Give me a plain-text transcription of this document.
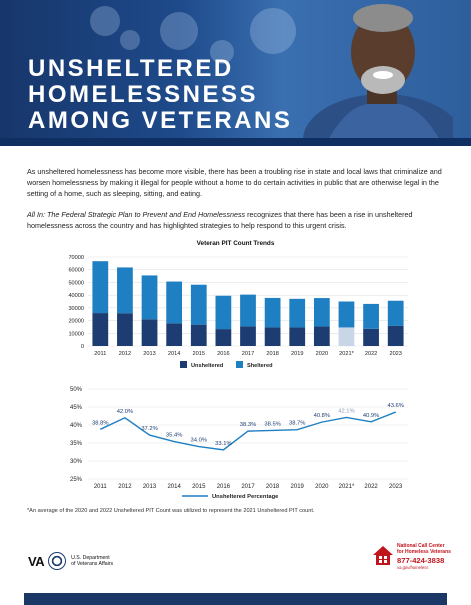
UNSHELTERED
HOMELESSNESS
AMONG VETERANS

As unsheltered homelessness has become more visible, there has been a troubling rise in state and local laws that criminalize and worsen homelessness by making it illegal for people without a home to do certain activities in public that are otherwise legal in the setting of a home, such as sleeping, sitting, and eating.

All In: The Federal Strategic Plan to Prevent and End Homelessness recognizes that there has been a rise in unsheltered homelessness across the country and has highlighted strategies to help respond to this urgent crisis.

Veteran PIT Count Trends
0
10000
20000
30000
40000
50000
60000
70000
2011 2012 2013 2014 2015 2016 2017 2018 2019 2020 2021* 2022 2023
Unsheltered	Sheltered
25%
30%
35%
40%
45%
50%
38.8%
2011
42.0%
2012
37.2%
2013
35.4%
2014
34.0%
2015
33.1%
2016
38.3%
2017
38.5%
2018
38.7%
2019
40.8%
2020
42.1%
2021*
40.9%
2022
43.6%
2023
Unsheltered Percentage
*An average of the 2020 and 2022 Unsheltered PIT Count was utilized to represent the 2021 Unsheltered PIT count.
VA	U.S. Department
of Veterans Affairs
National Call Center
for Homeless Veterans
877-424-3838
va.gov/homeless
